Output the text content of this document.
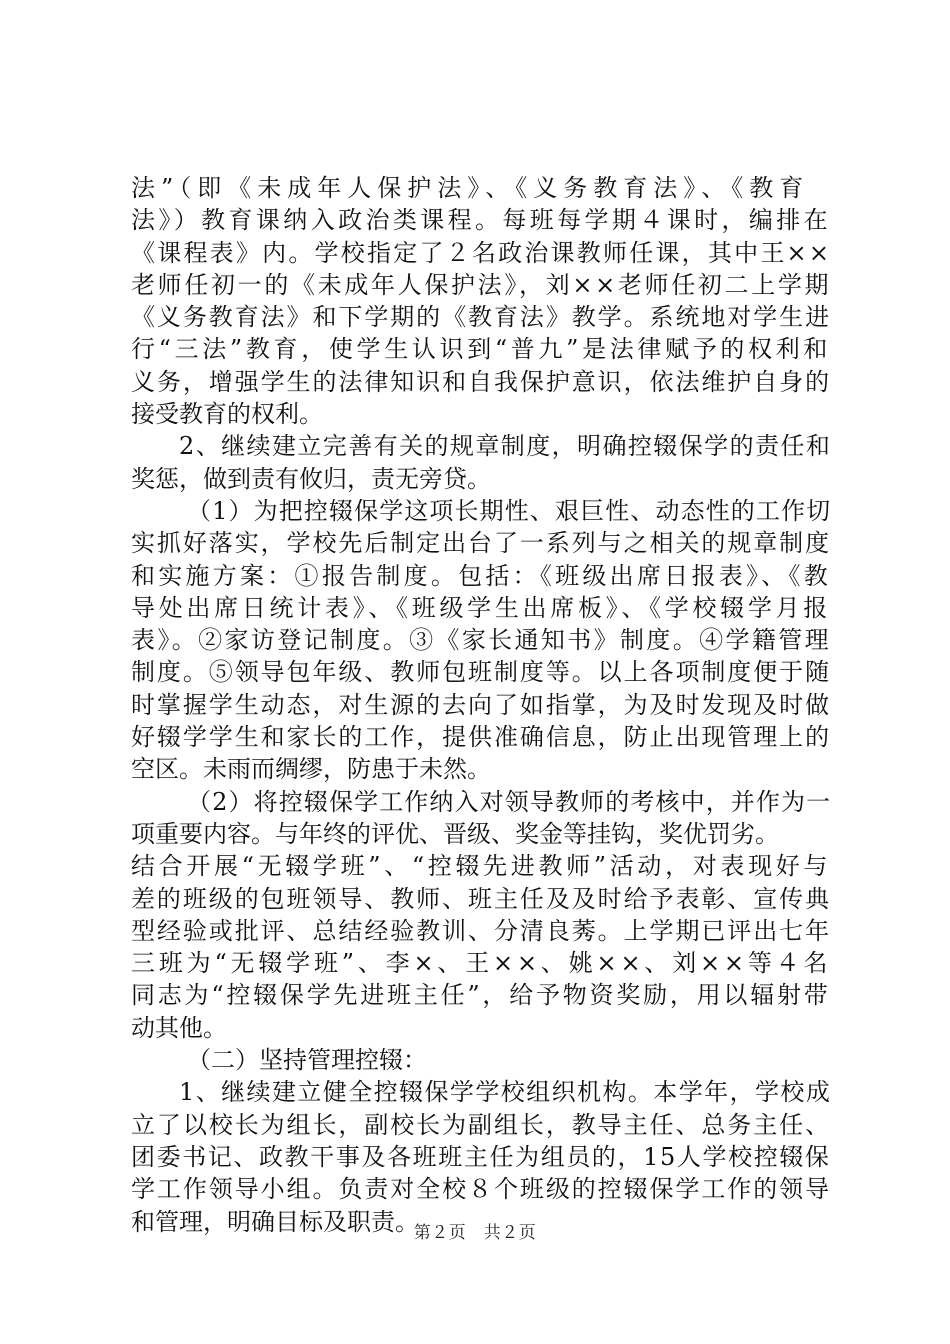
法”（即《未成年人保护法》、《义务教育法》、《教育
法》）教育课纳入政治类课程。每班每学期４课时，编排在
《课程表》内。学校指定了２名政治课教师任课，其中王××
老师任初一的《未成年人保护法》，刘××老师任初二上学期
《义务教育法》和下学期的《教育法》教学。系统地对学生进
行“三法”教育，使学生认识到“普九”是法律赋予的权利和
义务，增强学生的法律知识和自我保护意识，依法维护自身的
接受教育的权利。
2、继续建立完善有关的规章制度，明确控辍保学的责任和
奖惩，做到责有攸归，责无旁贷。
（1）为把控辍保学这项长期性、艰巨性、动态性的工作切
实抓好落实，学校先后制定出台了一系列与之相关的规章制度
和实施方案：①报告制度。包括：《班级出席日报表》、《教
导处出席日统计表》、《班级学生出席板》、《学校辍学月报
表》。②家访登记制度。③《家长通知书》制度。④学籍管理
制度。⑤领导包年级、教师包班制度等。以上各项制度便于随
时掌握学生动态，对生源的去向了如指掌，为及时发现及时做
好辍学学生和家长的工作，提供准确信息，防止出现管理上的
空区。未雨而绸缪，防患于未然。
（2）将控辍保学工作纳入对领导教师的考核中，并作为一
项重要内容。与年终的评优、晋级、奖金等挂钩，奖优罚劣。
结合开展“无辍学班”、“控辍先进教师”活动，对表现好与
差的班级的包班领导、教师、班主任及及时给予表彰、宣传典
型经验或批评、总结经验教训、分清良莠。上学期已评出七年
三班为“无辍学班”、李×、王××、姚××、刘××等４名
同志为“控辍保学先进班主任”，给予物资奖励，用以辐射带
动其他。
（二）坚持管理控辍：
1、继续建立健全控辍保学学校组织机构。本学年，学校成
立了以校长为组长，副校长为副组长，教导主任、总务主任、
团委书记、政教干事及各班班主任为组员的，15人学校控辍保
学工作领导小组。负责对全校８个班级的控辍保学工作的领导
和管理，明确目标及职责。
第２页　共２页
